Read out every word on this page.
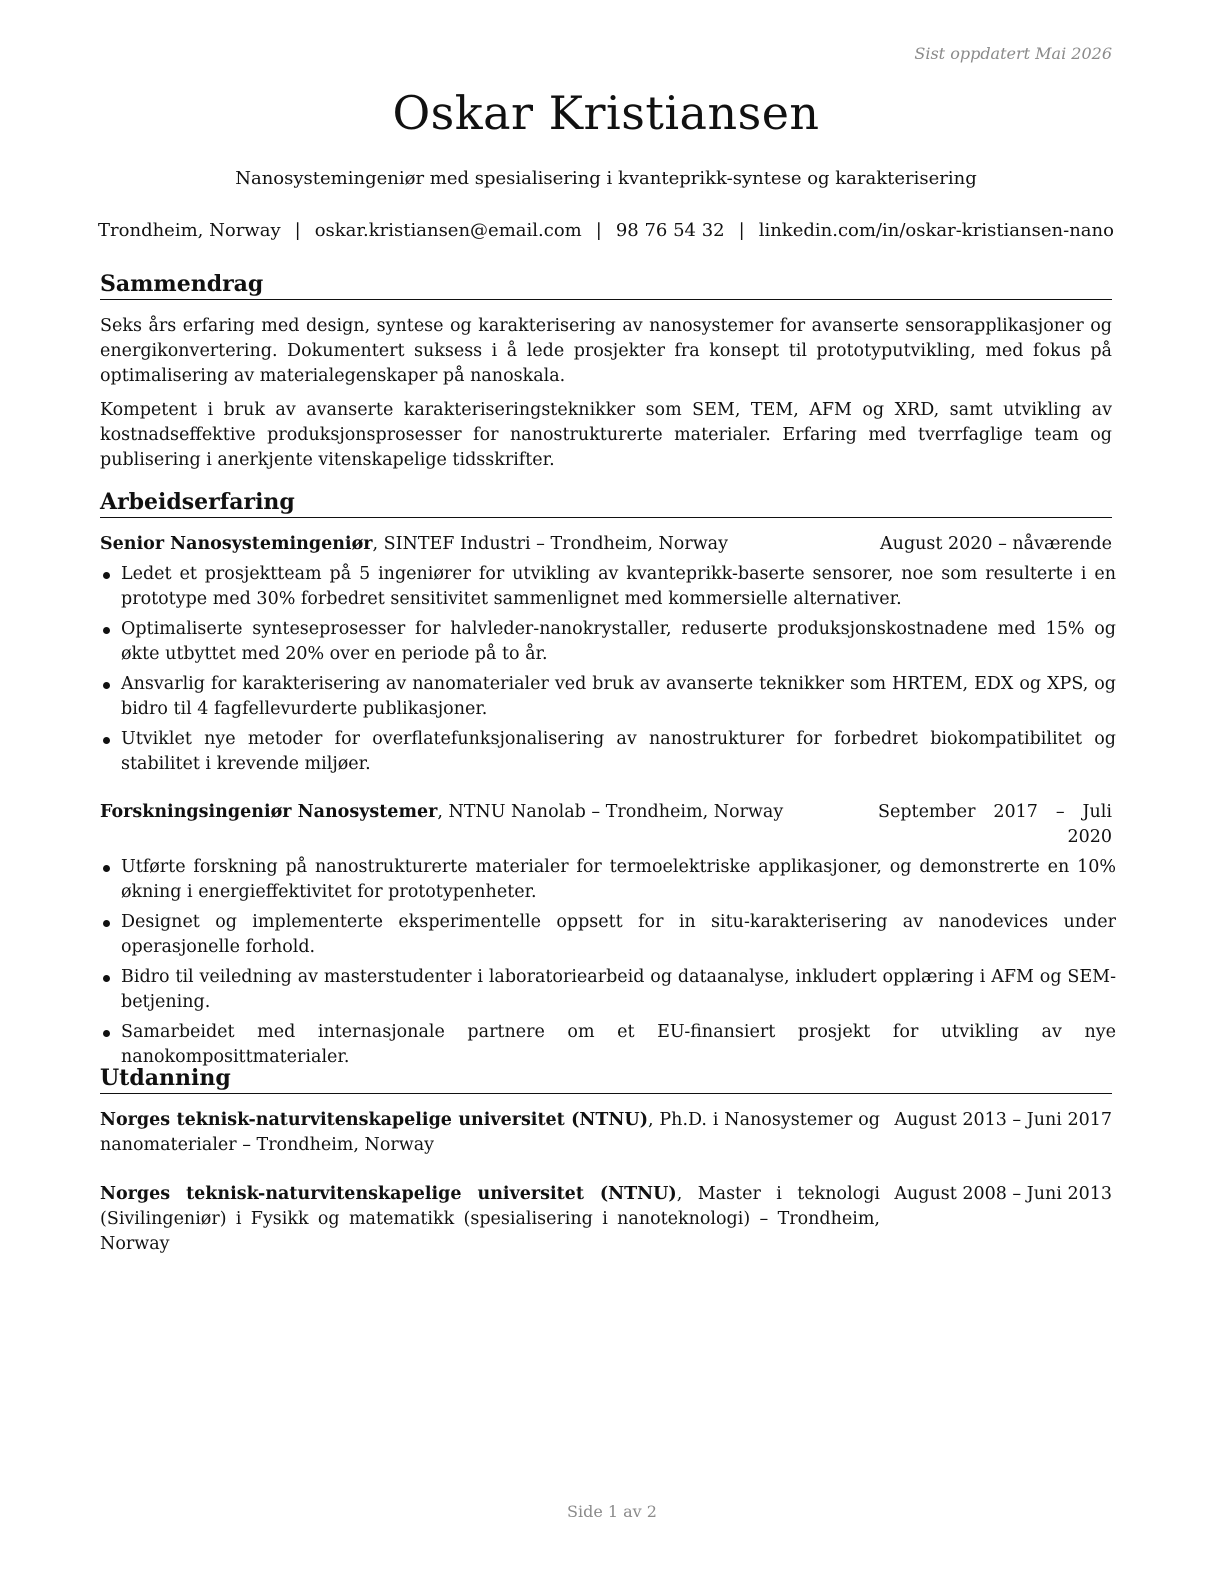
Sist oppdatert Mai 2026
Oskar Kristiansen
Nanosystemingeniør med spesialisering i kvanteprikk-syntese og karakterisering
Trondheim, Norway | oskar.kristiansen@email.com | 98 76 54 32 | linkedin.com/in/oskar-kristiansen-nano
Sammendrag
Seks års erfaring med design, syntese og karakterisering av nanosystemer for avanserte sensorapplikasjoner og energikonvertering. Dokumentert suksess i å lede prosjekter fra konsept til prototyputvikling, med fokus på optimalisering av materialegenskaper på nanoskala.
Kompetent i bruk av avanserte karakteriseringsteknikker som SEM, TEM, AFM og XRD, samt utvikling av kostnadseffektive produksjonsprosesser for nanostrukturerte materialer. Erfaring med tverrfaglige team og publisering i anerkjente vitenskapelige tidsskrifter.
Arbeidserfaring
Senior Nanosystemingeniør, SINTEF Industri – Trondheim, Norway	August 2020 – nåværende
Ledet et prosjektteam på 5 ingeniører for utvikling av kvanteprikk-baserte sensorer, noe som resulterte i en prototype med 30% forbedret sensitivitet sammenlignet med kommersielle alternativer.
Optimaliserte synteseprosesser for halvleder-nanokrystaller, reduserte produksjonskostnadene med 15% og økte utbyttet med 20% over en periode på to år.
Ansvarlig for karakterisering av nanomaterialer ved bruk av avanserte teknikker som HRTEM, EDX og XPS, og bidro til 4 fagfellevurderte publikasjoner.
Utviklet nye metoder for overflatefunksjonalisering av nanostrukturer for forbedret biokompatibilitet og stabilitet i krevende miljøer.
Forskningsingeniør Nanosystemer, NTNU Nanolab – Trondheim, Norway	September 2017 – Juli 2020
Utførte forskning på nanostrukturerte materialer for termoelektriske applikasjoner, og demonstrerte en 10% økning i energieffektivitet for prototypenheter.
Designet og implementerte eksperimentelle oppsett for in situ-karakterisering av nanodevices under operasjonelle forhold.
Bidro til veiledning av masterstudenter i laboratoriearbeid og dataanalyse, inkludert opplæring i AFM og SEM-betjening.
Samarbeidet med internasjonale partnere om et EU-finansiert prosjekt for utvikling av nye nanokomposittmaterialer.
Utdanning
Norges teknisk-naturvitenskapelige universitet (NTNU), Ph.D. i Nanosystemer og nanomaterialer – Trondheim, Norway
August 2013 – Juni 2017
Norges teknisk-naturvitenskapelige universitet (NTNU), Master i teknologi (Sivilingeniør) i Fysikk og matematikk (spesialisering i nanoteknologi) – Trondheim, Norway
August 2008 – Juni 2013
Side 1 av 2
